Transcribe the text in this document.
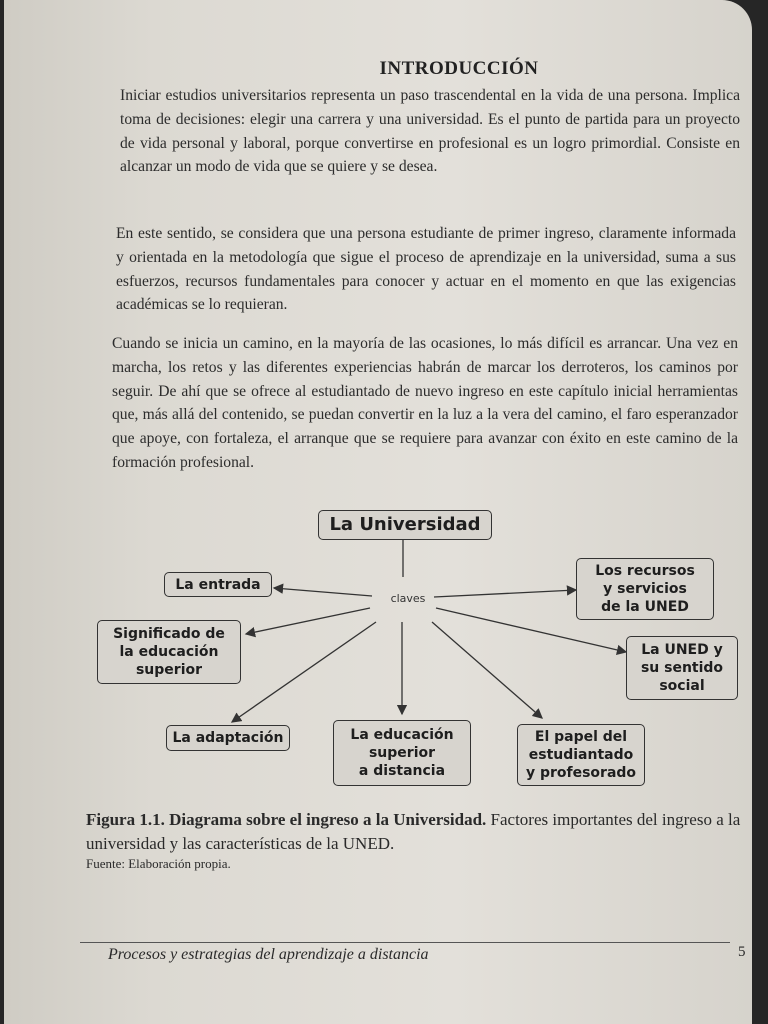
INTRODUCCIÓN
Iniciar estudios universitarios representa un paso trascendental en la vida de una persona. Implica toma de decisiones: elegir una carrera y una universidad. Es el punto de partida para un proyecto de vida personal y laboral, porque convertirse en profesional es un logro primordial. Consiste en alcanzar un modo de vida que se quiere y se desea.
En este sentido, se considera que una persona estudiante de primer ingreso, claramente informada y orientada en la metodología que sigue el proceso de aprendizaje en la universidad, suma a sus esfuerzos, recursos fundamentales para conocer y actuar en el momento en que las exigencias académicas se lo requieran.
Cuando se inicia un camino, en la mayoría de las ocasiones, lo más difícil es arrancar. Una vez en marcha, los retos y las diferentes experiencias habrán de marcar los derroteros, los caminos por seguir. De ahí que se ofrece al estudiantado de nuevo ingreso en este capítulo inicial herramientas que, más allá del contenido, se puedan convertir en la luz a la vera del camino, el faro esperanzador que apoye, con fortaleza, el arranque que se requiere para avanzar con éxito en este camino de la formación profesional.
La Universidad
claves
La entrada
Significado de
la educación
superior
La adaptación	La educación
superior
a distancia
El papel del
estudiantado
y profesorado
La UNED y
su sentido
social
Los recursos
y servicios
de la UNED
Figura 1.1. Diagrama sobre el ingreso a la Universidad. Factores importantes del ingreso a la universidad y las características de la UNED.
Fuente: Elaboración propia.
Procesos y estrategias del aprendizaje a distancia	5
